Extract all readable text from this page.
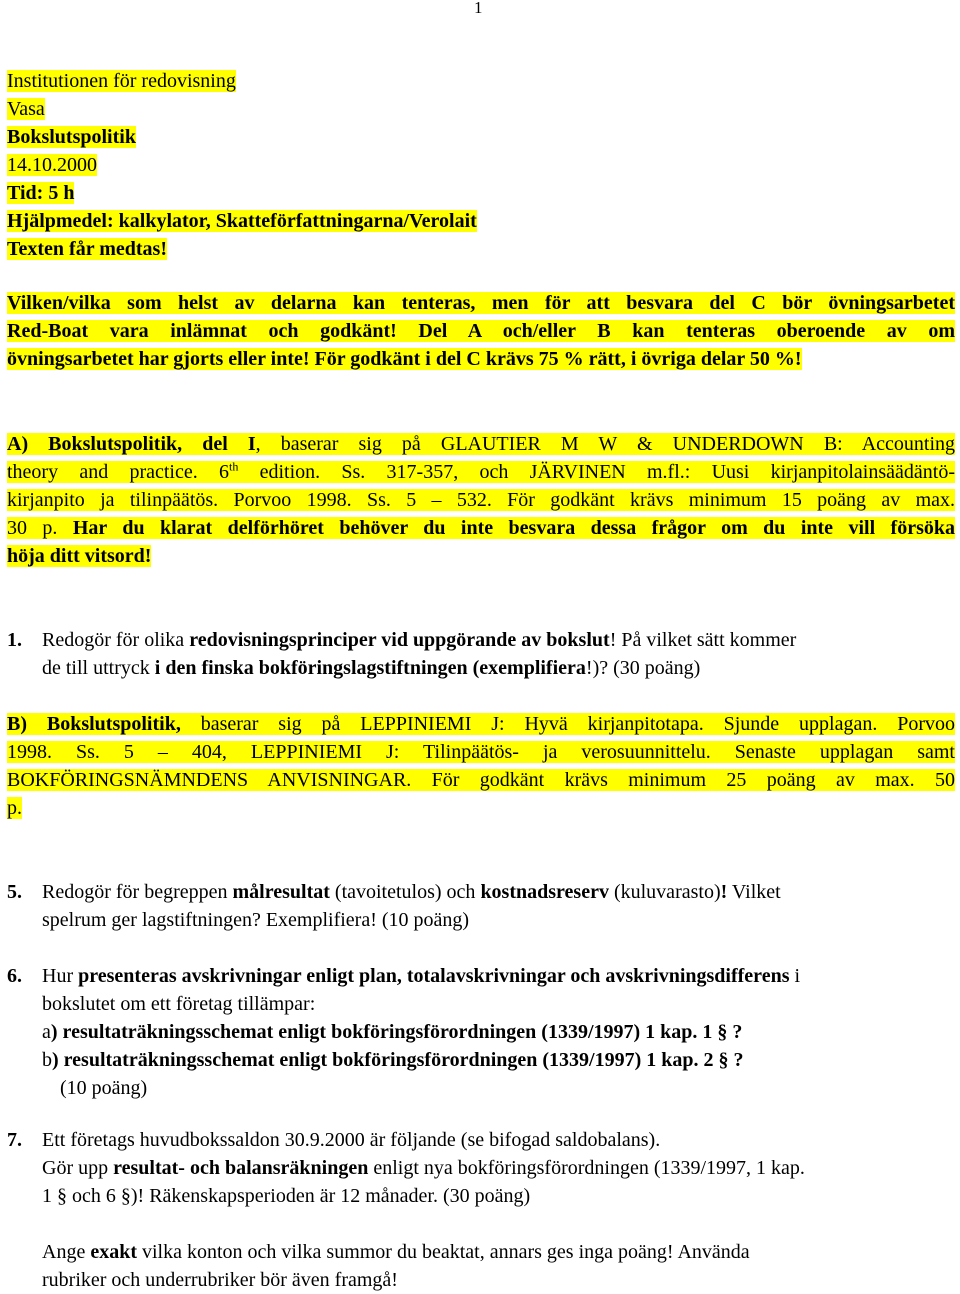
1
Institutionen för redovisning
Vasa
Bokslutspolitik
14.10.2000
Tid: 5 h
Hjälpmedel: kalkylator, Skatteförfattningarna/Verolait
Texten får medtas!
Vilken/vilka som helst av delarna kan tenteras, men för att besvara del C bör övningsarbetet
Red-Boat vara inlämnat och godkänt! Del A och/eller B kan tenteras oberoende av om
övningsarbetet har gjorts eller inte! För godkänt i del C krävs 75 % rätt, i övriga delar 50 %!
A) Bokslutspolitik, del I, baserar sig på GLAUTIER M W & UNDERDOWN B: Accounting
theory and practice. 6th edition. Ss. 317-357, och JÄRVINEN m.fl.: Uusi kirjanpitolainsäädäntö-
kirjanpito ja tilinpäätös. Porvoo 1998. Ss. 5 – 532. För godkänt krävs minimum 15 poäng av max.
30 p. Har du klarat delförhöret behöver du inte besvara dessa frågor om du inte vill försöka
höja ditt vitsord!
1. Redogör för olika redovisningsprinciper vid uppgörande av bokslut! På vilket sätt kommer
de till uttryck i den finska bokföringslagstiftningen (exemplifiera!)? (30 poäng)
B) Bokslutspolitik, baserar sig på LEPPINIEMI J: Hyvä kirjanpitotapa. Sjunde upplagan. Porvoo
1998. Ss. 5 – 404, LEPPINIEMI J: Tilinpäätös- ja verosuunnittelu. Senaste upplagan samt
BOKFÖRINGSNÄMNDENS ANVISNINGAR. För godkänt krävs minimum 25 poäng av max. 50
p.
5. Redogör för begreppen målresultat (tavoitetulos) och kostnadsreserv (kuluvarasto)! Vilket
spelrum ger lagstiftningen? Exemplifiera! (10 poäng)
6. Hur presenteras avskrivningar enligt plan, totalavskrivningar och avskrivningsdifferens i
bokslutet om ett företag tillämpar:
a) resultaträkningsschemat enligt bokföringsförordningen (1339/1997) 1 kap. 1 § ?
b) resultaträkningsschemat enligt bokföringsförordningen (1339/1997) 1 kap. 2 § ?
(10 poäng)
7. Ett företags huvudbokssaldon 30.9.2000 är följande (se bifogad saldobalans).
Gör upp resultat- och balansräkningen enligt nya bokföringsförordningen (1339/1997, 1 kap.
1 § och 6 §)! Räkenskapsperioden är 12 månader. (30 poäng)
Ange exakt vilka konton och vilka summor du beaktat, annars ges inga poäng! Använda
rubriker och underrubriker bör även framgå!
